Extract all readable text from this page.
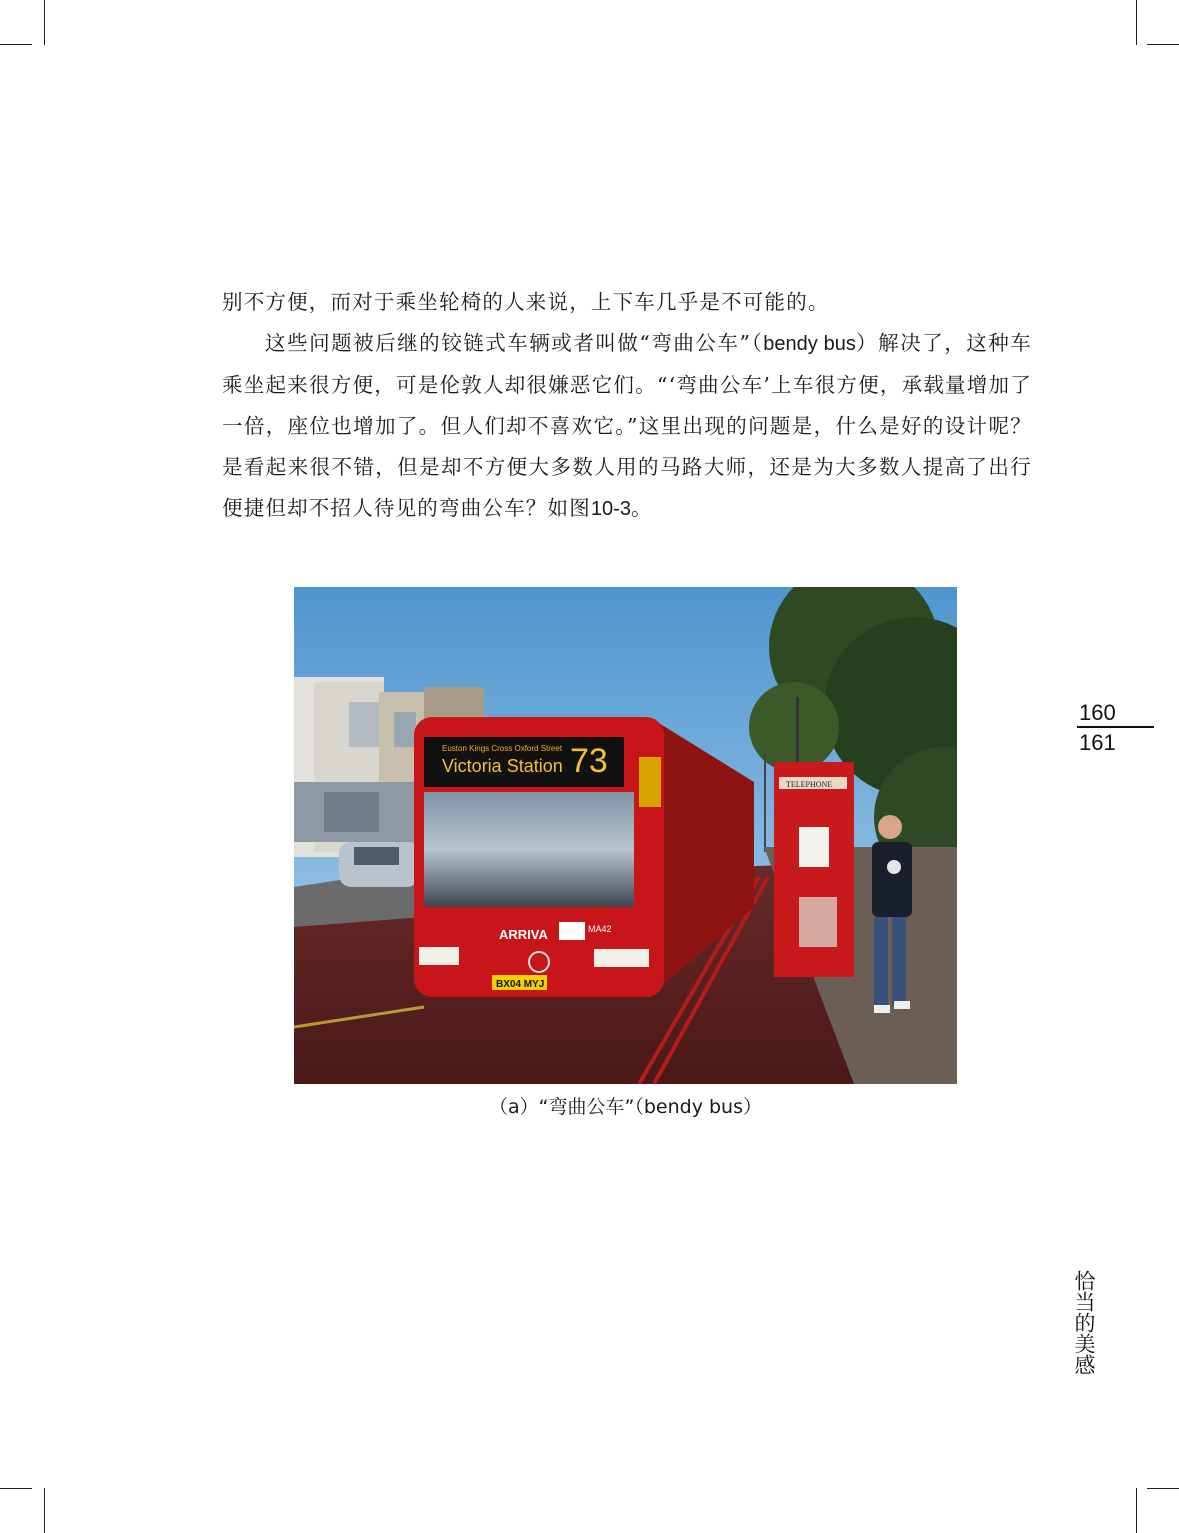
别不方便，而对于乘坐轮椅的人来说，上下车几乎是不可能的。

这些问题被后继的铰链式车辆或者叫做“弯曲公车”（bendy bus）解决了，这种车乘坐起来很方便，可是伦敦人却很嫌恶它们。“‘弯曲公车’上车很方便，承载量增加了一倍，座位也增加了。但人们却不喜欢它。”这里出现的问题是，什么是好的设计呢？是看起来很不错，但是却不方便大多数人用的马路大师，还是为大多数人提高了出行便捷但却不招人待见的弯曲公车？如图10-3。

Euston Kings Cross Oxford Street
Victoria Station 73
ARRIVA	MA42
BX04 MYJ
TELEPHONE
（a）“弯曲公车”（bendy bus）
160
161
恰当的美感
